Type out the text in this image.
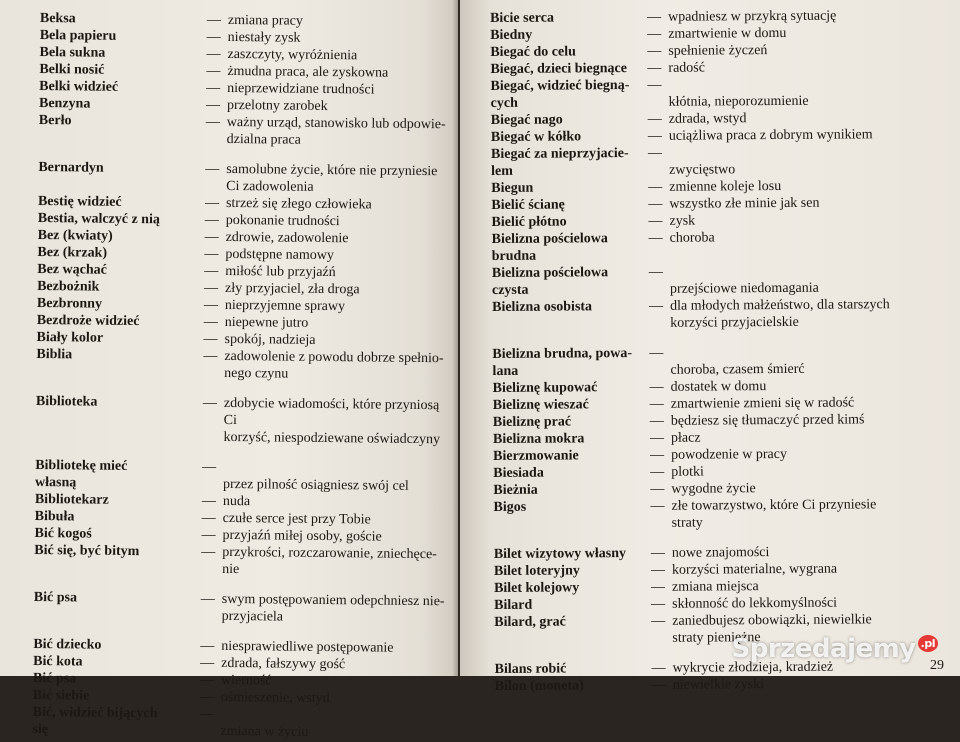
Beksa	— zmiana pracy
Bela papieru	— niestały zysk
Bela sukna	— zaszczyty, wyróżnienia
Belki nosić	— żmudna praca, ale zyskowna
Belki widzieć	— nieprzewidziane trudności
Benzyna	— przelotny zarobek
Berło	— ważny urząd, stanowisko lub odpowie-
dzialna praca
Bernardyn	— samolubne życie, które nie przyniesie
Ci zadowolenia
Bestię widzieć	— strzeż się złego człowieka
Bestia, walczyć z nią	— pokonanie trudności
Bez (kwiaty)	— zdrowie, zadowolenie
Bez (krzak)	— podstępne namowy
Bez wąchać	— miłość lub przyjaźń
Bezbożnik	— zły przyjaciel, zła droga
Bezbronny	— nieprzyjemne sprawy
Bezdroże widzieć	— niepewne jutro
Biały kolor	— spokój, nadzieja
Biblia	— zadowolenie z powodu dobrze spełnio-
nego czynu
Biblioteka	— zdobycie wiadomości, które przyniosą Ci
korzyść, niespodziewane oświadczyny
Bibliotekę mieć
własną
—
przez pilność osiągniesz swój cel
Bibliotekarz	— nuda
Bibuła	— czułe serce jest przy Tobie
Bić kogoś	— przyjaźń miłej osoby, goście
Bić się, być bitym	— przykrości, rozczarowanie, zniechęce-
nie
Bić psa	— swym postępowaniem odepchniesz nie-
przyjaciela
Bić dziecko	— niesprawiedliwe postępowanie
Bić kota	— zdrada, fałszywy gość
Bić psa	— wierność
Bić siebie	— ośmieszenie, wstyd
Bić, widzieć bijących
się
—
zmiana w życiu
Bicie serca	— wpadniesz w przykrą sytuację
Biedny	— zmartwienie w domu
Biegać do celu	— spełnienie życzeń
Biegać, dzieci biegnące	— radość
Biegać, widzieć biegną-
cych
—
kłótnia, nieporozumienie
Biegać nago	— zdrada, wstyd
Biegać w kółko	— uciążliwa praca z dobrym wynikiem
Biegać za nieprzyjacie-
lem
—
zwycięstwo
Biegun	— zmienne koleje losu
Bielić ścianę	— wszystko złe minie jak sen
Bielić płótno	— zysk
Bielizna pościelowa
brudna
— choroba
Bielizna pościelowa
czysta
—
przejściowe niedomagania
Bielizna osobista	— dla młodych małżeństwo, dla starszych
korzyści przyjacielskie
Bielizna brudna, powa-
lana
—
choroba, czasem śmierć
Bieliznę kupować	— dostatek w domu
Bieliznę wieszać	— zmartwienie zmieni się w radość
Bieliznę prać	— będziesz się tłumaczyć przed kimś
Bielizna mokra	— płacz
Bierzmowanie	— powodzenie w pracy
Biesiada	— plotki
Bieżnia	— wygodne życie
Bigos	— złe towarzystwo, które Ci przyniesie
straty
Bilet wizytowy własny	— nowe znajomości
Bilet loteryjny	— korzyści materialne, wygrana
Bilet kolejowy	— zmiana miejsca
Bilard	— skłonność do lekkomyślności
Bilard, grać	— zaniedbujesz obowiązki, niewielkie
straty pieniężne
Bilans robić	— wykrycie złodzieja, kradzież
Bilon (moneta)	— niewielkie zyski
Sprzedajemy $^{.pl}$
29
